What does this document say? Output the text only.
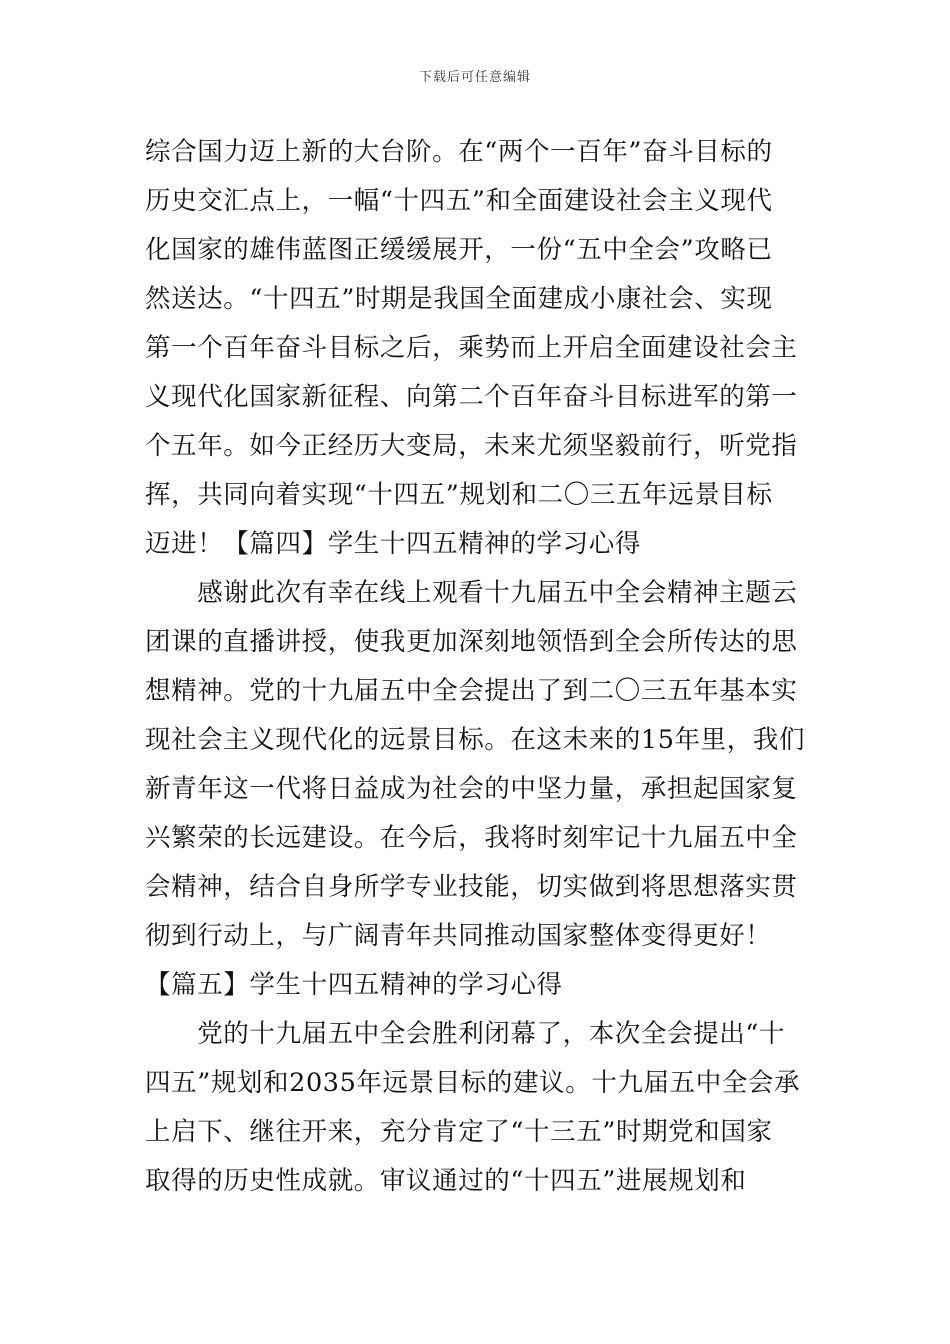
下载后可任意编辑
综合国力迈上新的大台阶。在“两个一百年”奋斗目标的
历史交汇点上，一幅“十四五”和全面建设社会主义现代
化国家的雄伟蓝图正缓缓展开，一份“五中全会”攻略已
然送达。“十四五”时期是我国全面建成小康社会、实现
第一个百年奋斗目标之后，乘势而上开启全面建设社会主
义现代化国家新征程、向第二个百年奋斗目标进军的第一
个五年。如今正经历大变局，未来尤须坚毅前行，听党指
挥，共同向着实现“十四五”规划和二〇三五年远景目标
迈进！【篇四】学生十四五精神的学习心得
　　感谢此次有幸在线上观看十九届五中全会精神主题云
团课的直播讲授，使我更加深刻地领悟到全会所传达的思
想精神。党的十九届五中全会提出了到二〇三五年基本实
现社会主义现代化的远景目标。在这未来的15年里，我们
新青年这一代将日益成为社会的中坚力量，承担起国家复
兴繁荣的长远建设。在今后，我将时刻牢记十九届五中全
会精神，结合自身所学专业技能，切实做到将思想落实贯
彻到行动上，与广阔青年共同推动国家整体变得更好！
【篇五】学生十四五精神的学习心得
　　党的十九届五中全会胜利闭幕了，本次全会提出“十
四五”规划和2035年远景目标的建议。十九届五中全会承
上启下、继往开来，充分肯定了“十三五”时期党和国家
取得的历史性成就。审议通过的“十四五”进展规划和
